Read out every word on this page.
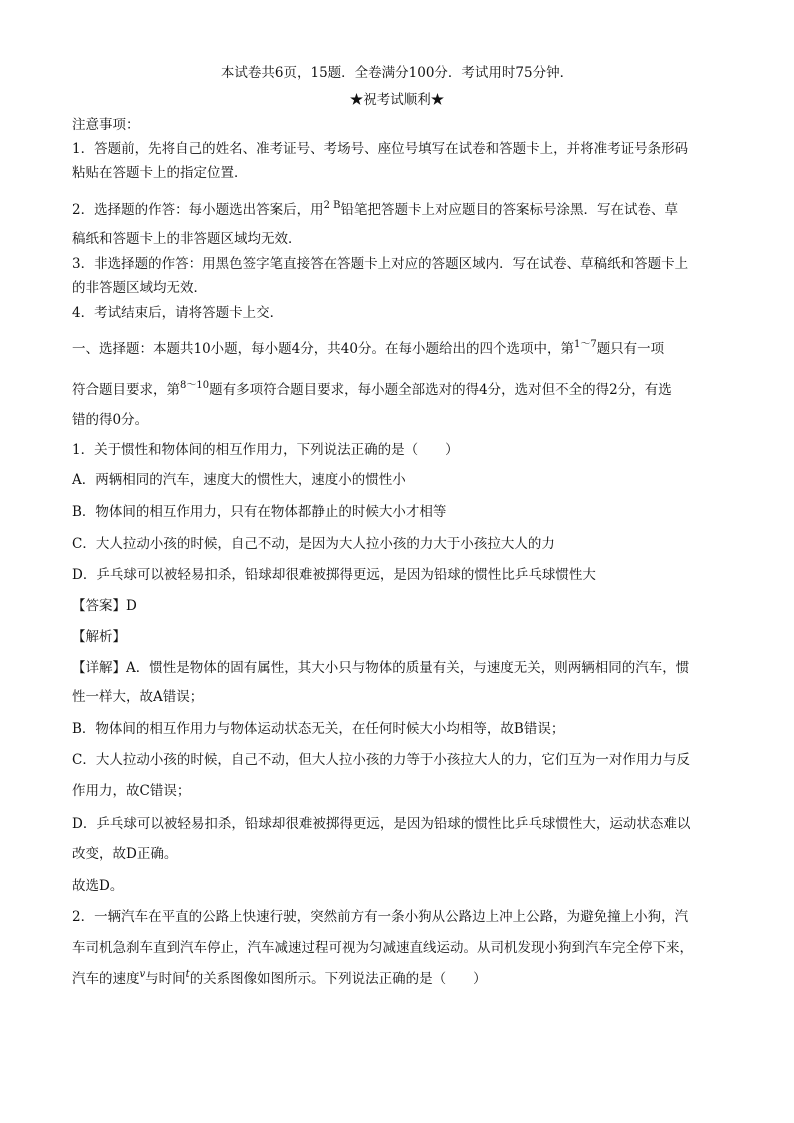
本试卷共6页，15题．全卷满分100分．考试用时75分钟．
★祝考试顺利★
注意事项：
1．答题前，先将自己的姓名、准考证号、考场号、座位号填写在试卷和答题卡上，并将准考证号条形码
粘贴在答题卡上的指定位置．
2．选择题的作答：每小题选出答案后，用$^{2 B}$铅笔把答题卡上对应题目的答案标号涂黑．写在试卷、草
稿纸和答题卡上的非答题区域均无效．
3．非选择题的作答：用黑色签字笔直接答在答题卡上对应的答题区域内．写在试卷、草稿纸和答题卡上
的非答题区域均无效．
4．考试结束后，请将答题卡上交．
一、选择题：本题共10小题，每小题4分，共40分。在每小题给出的四个选项中，第$^{1\sim 7}$题只有一项
符合题目要求，第$^{8\sim 10}$题有多项符合题目要求，每小题全部选对的得4分，选对但不全的得2分，有选
错的得0分。
1．关于惯性和物体间的相互作用力，下列说法正确的是（　　）
A．两辆相同的汽车，速度大的惯性大，速度小的惯性小
B．物体间的相互作用力，只有在物体都静止的时候大小才相等
C．大人拉动小孩的时候，自己不动，是因为大人拉小孩的力大于小孩拉大人的力
D．乒乓球可以被轻易扣杀，铅球却很难被掷得更远，是因为铅球的惯性比乒乓球惯性大
【答案】D
【解析】
【详解】A．惯性是物体的固有属性，其大小只与物体的质量有关，与速度无关，则两辆相同的汽车，惯
性一样大，故A错误；
B．物体间的相互作用力与物体运动状态无关，在任何时候大小均相等，故B错误；
C．大人拉动小孩的时候，自己不动，但大人拉小孩的力等于小孩拉大人的力，它们互为一对作用力与反
作用力，故C错误；
D．乒乓球可以被轻易扣杀，铅球却很难被掷得更远，是因为铅球的惯性比乒乓球惯性大，运动状态难以
改变，故D正确。
故选D。
2．一辆汽车在平直的公路上快速行驶，突然前方有一条小狗从公路边上冲上公路，为避免撞上小狗，汽
车司机急刹车直到汽车停止，汽车减速过程可视为匀减速直线运动。从司机发现小狗到汽车完全停下来，
汽车的速度$^v$与时间$^t$的关系图像如图所示。下列说法正确的是（　　）
